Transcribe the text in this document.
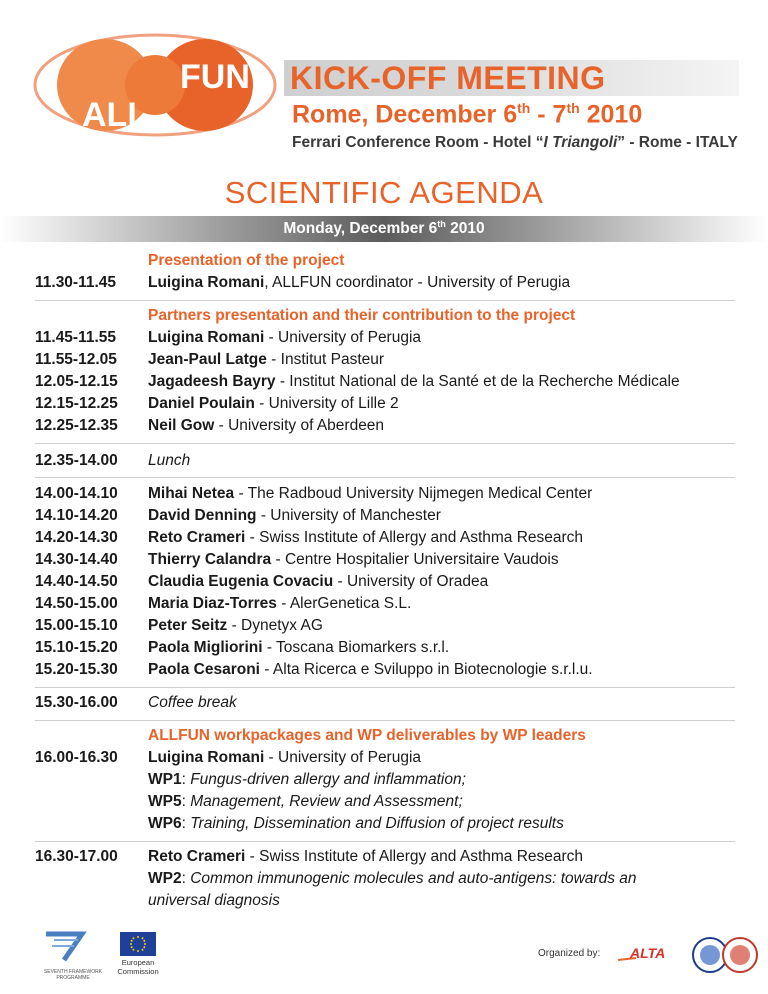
FUN
ALL
KICK-OFF MEETING
Rome, December 6th - 7th 2010
Ferrari Conference Room - Hotel “I Triangoli” - Rome - ITALY
SCIENTIFIC AGENDA
Monday, December 6th 2010
Presentation of the project
11.30-11.45 Luigina Romani, ALLFUN coordinator - University of Perugia
Partners presentation and their contribution to the project
11.45-11.55 Luigina Romani - University of Perugia
11.55-12.05 Jean-Paul Latge - Institut Pasteur
12.05-12.15 Jagadeesh Bayry - Institut National de la Santé et de la Recherche Médicale
12.15-12.25 Daniel Poulain - University of Lille 2
12.25-12.35 Neil Gow - University of Aberdeen
12.35-14.00 Lunch
14.00-14.10 Mihai Netea - The Radboud University Nijmegen Medical Center
14.10-14.20 David Denning - University of Manchester
14.20-14.30 Reto Crameri - Swiss Institute of Allergy and Asthma Research
14.30-14.40 Thierry Calandra - Centre Hospitalier Universitaire Vaudois
14.40-14.50 Claudia Eugenia Covaciu - University of Oradea
14.50-15.00 Maria Diaz-Torres - AlerGenetica S.L.
15.00-15.10 Peter Seitz - Dynetyx AG
15.10-15.20 Paola Migliorini - Toscana Biomarkers s.r.l.
15.20-15.30 Paola Cesaroni - Alta Ricerca e Sviluppo in Biotecnologie s.r.l.u.
15.30-16.00 Coffee break
ALLFUN workpackages and WP deliverables by WP leaders
16.00-16.30 Luigina Romani - University of Perugia
WP1: Fungus-driven allergy and inflammation;
WP5: Management, Review and Assessment;
WP6: Training, Dissemination and Diffusion of project results
16.30-17.00 Reto Crameri - Swiss Institute of Allergy and Asthma Research
WP2: Common immunogenic molecules and auto-antigens: towards an
universal diagnosis
SEVENTH FRAMEWORK PROGRAMME
European
Commission
Organized by: ALTA
